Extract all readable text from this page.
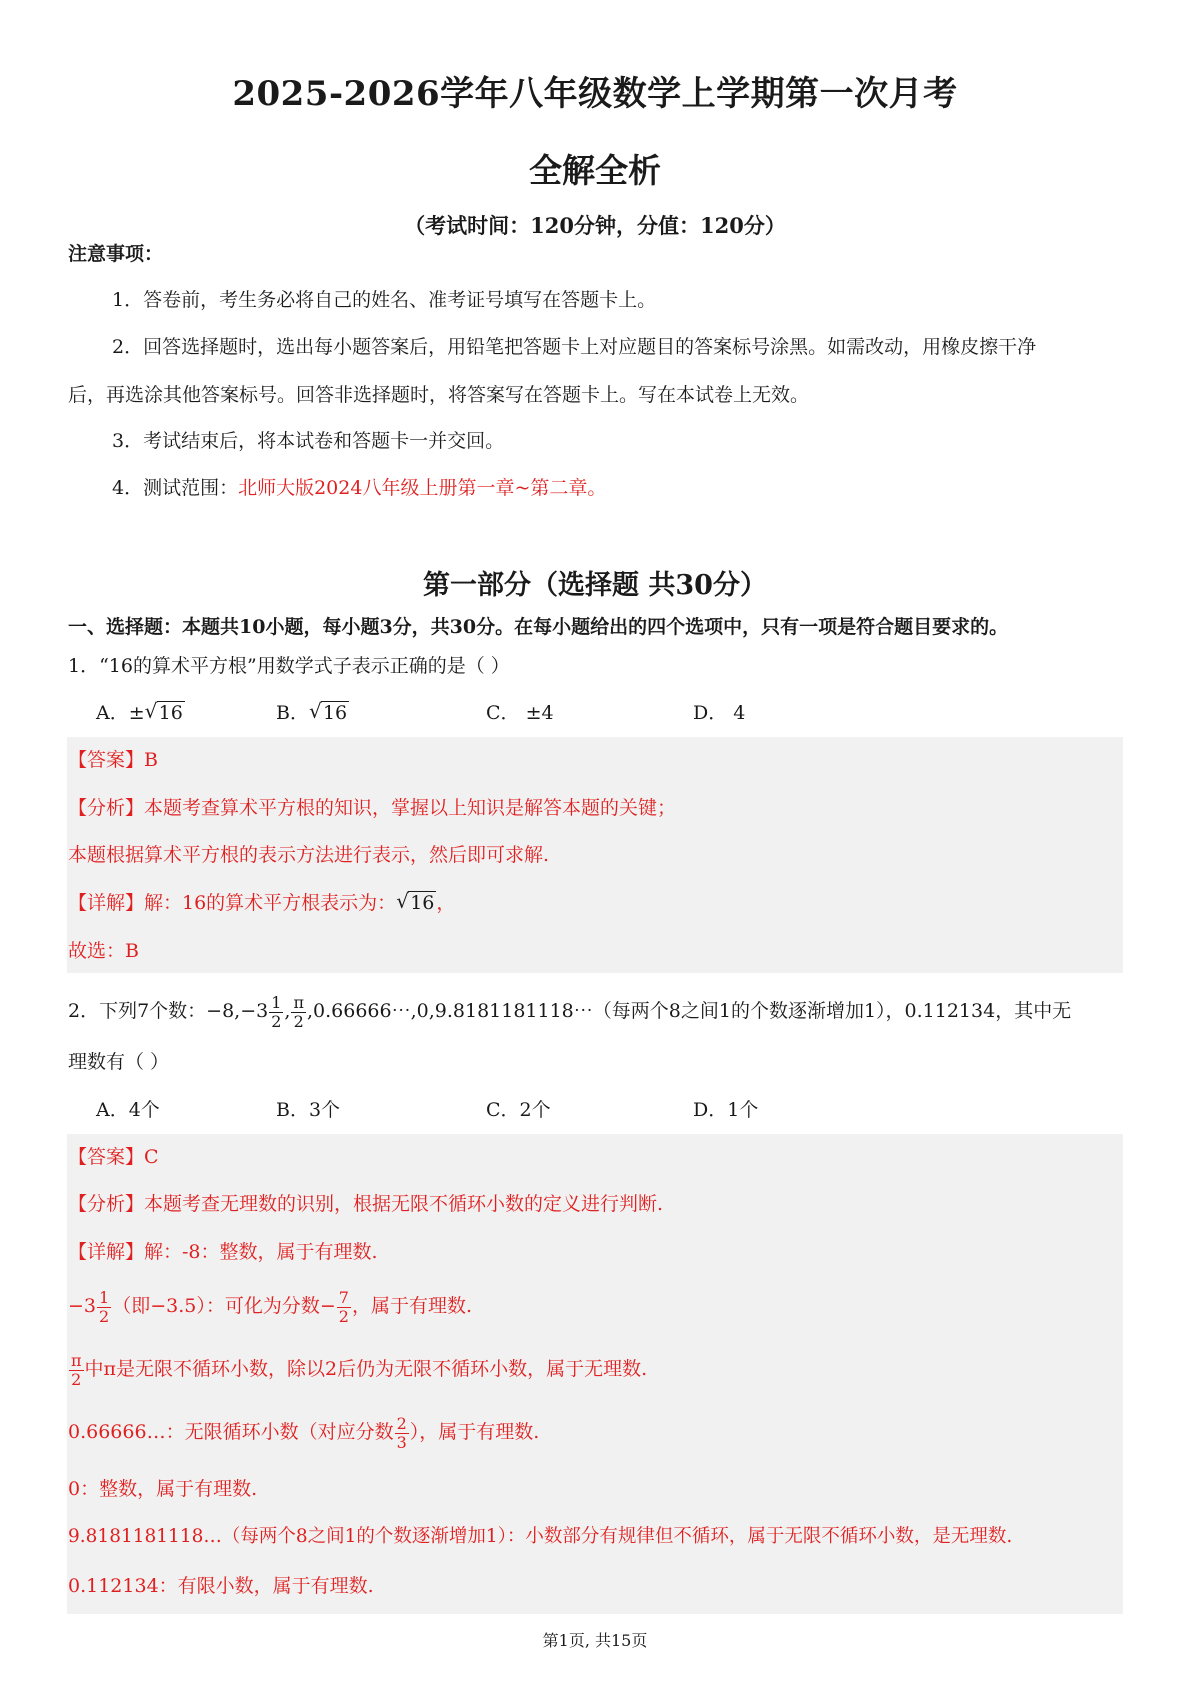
2025-2026学年八年级数学上学期第一次月考
全解全析
（考试时间：120分钟，分值：120分）
注意事项：
1．答卷前，考生务必将自己的姓名、准考证号填写在答题卡上。
2．回答选择题时，选出每小题答案后，用铅笔把答题卡上对应题目的答案标号涂黑。如需改动，用橡皮擦干净
后，再选涂其他答案标号。回答非选择题时，将答案写在答题卡上。写在本试卷上无效。
3．考试结束后，将本试卷和答题卡一并交回。
4．测试范围：北师大版2024八年级上册第一章~第二章。
第一部分（选择题 共30分）
一、选择题：本题共10小题，每小题3分，共30分。在每小题给出的四个选项中，只有一项是符合题目要求的。
1．“16的算术平方根”用数学式子表示正确的是（ ）
A．± √ 16	B． √ 16	C． ±4	D． 4
【答案】B
【分析】本题考查算术平方根的知识，掌握以上知识是解答本题的关键；
本题根据算术平方根的表示方法进行表示，然后即可求解.
【详解】解：16的算术平方根表示为： √ 16 ，
故选：B
2．下列7个数：$-8,-3 \frac{1}{2}$ , $\frac{\pi}{2}$ ,0.66666⋯,0,9.8181181118⋯（每两个8之间1的个数逐渐增加1），0.112134，其中无
理数有（ ）
A．4个	B．3个	C．2个	D．1个
【答案】C
【分析】本题考查无理数的识别，根据无限不循环小数的定义进行判断.
【详解】解：-8：整数，属于有理数.
$-3 \frac{1}{2}$ （即−3.5）：可化为分数− $\frac{7}{2}$ ，属于有理数.
$\frac{\pi}{2}$ 中π是无限不循环小数，除以2后仍为无限不循环小数，属于无理数.
0.66666…：无限循环小数（对应分数 $\frac{2}{3}$ ），属于有理数.
0：整数，属于有理数.
9.8181181118…（每两个8之间1的个数逐渐增加1）：小数部分有规律但不循环，属于无限不循环小数，是无理数.
0.112134：有限小数，属于有理数.
第1页, 共15页
